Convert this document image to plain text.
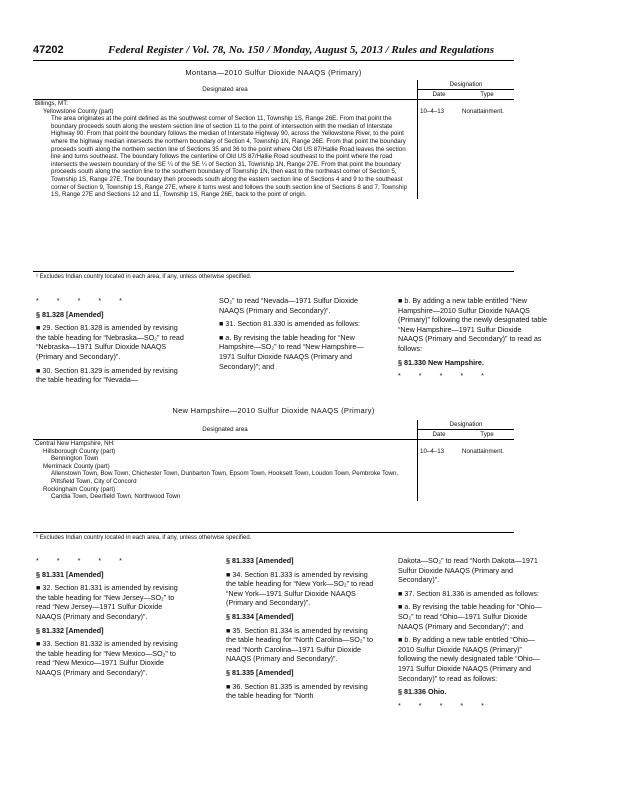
47202	Federal Register / Vol. 78, No. 150 / Monday, August 5, 2013 / Rules and Regulations
Montana—2010 Sulfur Dioxide NAAQS (Primary)
Designated area	Designation	
	Date	Type
Billings, MT:		
Yellowstone County (part)	10–4–13	Nonattainment.
The area originates at the point defined as the southwest corner of Section 11, Township 1S, Range 26E. From that point the boundary proceeds south along the western section line of section 11 to the point of intersection with the median of Interstate Highway 90. From that point the boundary follows the median of Interstate Highway 90, across the Yellowstone River, to the point where the highway median intersects the northern boundary of Section 4, Township 1N, Range 26E. From that point the boundary proceeds south along the northern section line of Sections 35 and 36 to the point where Old US 87/Hallie Road leaves the section line and turns southeast. The boundary follows the centerline of Old US 87/Hallie Road southeast to the point where the road intersects the western boundary of the SE ¼ of the SE ¼ of Section 31, Township 1N, Range 27E. From that point the boundary proceeds south along the section line to the southern boundary of Township 1N, then east to the northeast corner of Section 5, Township 1S, Range 27E. The boundary then proceeds south along the eastern section line of Sections 4 and 9 to the southeast corner of Section 9, Township 1S, Range 27E, where it turns west and follows the south section line of Sections 8 and 7, Township 1S, Range 27E and Sections 12 and 11, Township 1S, Range 26E, back to the point of origin.		
¹ Excludes Indian country located in each area, if any, unless otherwise specified.

* * * * *

§ 81.328 [Amended]

■ 29. Section 81.328 is amended by revising the table heading for “Nebraska—SO₂” to read “Nebraska—1971 Sulfur Dioxide NAAQS (Primary and Secondary)”.

■ 30. Section 81.329 is amended by revising the table heading for “Nevada—

SO₂” to read “Nevada—1971 Sulfur Dioxide NAAQS (Primary and Secondary)”.

■ 31. Section 81.330 is amended as follows:

■ a. By revising the table heading for “New Hampshire—SO₂” to read “New Hampshire—1971 Sulfur Dioxide NAAQS (Primary and Secondary)”; and

■ b. By adding a new table entitled “New Hampshire—2010 Sulfur Dioxide NAAQS (Primary)” following the newly designated table “New Hampshire—1971 Sulfur Dioxide NAAQS (Primary and Secondary)” to read as follows:

§ 81.330 New Hampshire.

* * * * *

New Hampshire—2010 Sulfur Dioxide NAAQS (Primary)
Designated area	Designation	
	Date	Type
Central New Hampshire, NH:		
Hillsborough County (part)	10–4–13	Nonattainment.
Bennington Town		
Merrimack County (part)		
Allenstown Town, Bow Town, Chichester Town, Dunbarton Town, Epsom Town, Hooksett Town, Loudon Town, Pembroke Town, Pittsfield Town, City of Concord		
Rockingham County (part)		
Candia Town, Deerfield Town, Northwood Town		
¹ Excludes Indian country located in each area, if any, unless otherwise specified.

* * * * *

§ 81.331 [Amended]

■ 32. Section 81.331 is amended by revising the table heading for “New Jersey—SO₂” to read “New Jersey—1971 Sulfur Dioxide NAAQS (Primary and Secondary)”.

§ 81.332 [Amended]

■ 33. Section 81.332 is amended by revising the table heading for “New Mexico—SO₂” to read “New Mexico—1971 Sulfur Dioxide NAAQS (Primary and Secondary)”.

§ 81.333 [Amended]

■ 34. Section 81.333 is amended by revising the table heading for “New York—SO₂” to read “New York—1971 Sulfur Dioxide NAAQS (Primary and Secondary)”.

§ 81.334 [Amended]

■ 35. Section 81.334 is amended by revising the table heading for “North Carolina—SO₂” to read “North Carolina—1971 Sulfur Dioxide NAAQS (Primary and Secondary)”.

§ 81.335 [Amended]

■ 36. Section 81.335 is amended by revising the table heading for “North

Dakota—SO₂” to read “North Dakota—1971 Sulfur Dioxide NAAQS (Primary and Secondary)”.

■ 37. Section 81.336 is amended as follows:

■ a. By revising the table heading for “Ohio—SO₂” to read “Ohio—1971 Sulfur Dioxide NAAQS (Primary and Secondary)”; and

■ b. By adding a new table entitled “Ohio—2010 Sulfur Dioxide NAAQS (Primary)” following the newly designated table “Ohio—1971 Sulfur Dioxide NAAQS (Primary and Secondary)” to read as follows:

§ 81.336 Ohio.

* * * * *
